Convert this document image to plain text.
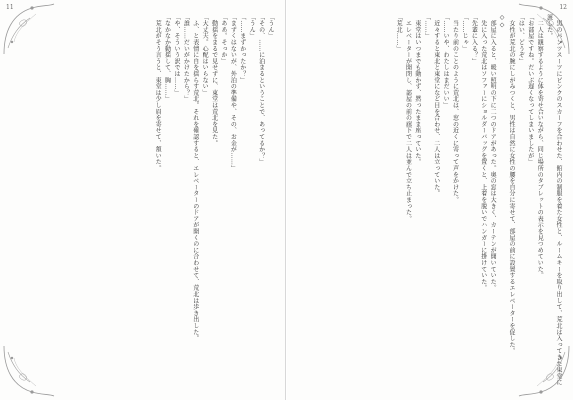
11

「うん」

「その、……に泊まるということで、あってるか？」

「うん」

「……まずかったか？」

「まずくはないが、外泊の準備や、その、お金が……」

「ああ。そっか」

　動揺をまるで見せずに、東堂は荒北を見た。

「大丈夫。心配はいらない」

　ふ、と表情に自を揺らす荒北。それを確認すると、エレベーターのドアが開くのに合わせて、荒北は歩き出した。

「誰……だいがかけたから？」

「や、そういう訳では……」

「なかなか動揺して、胸……」

　荒北がそう言うと、東堂は少し眉を寄せて、頷いた。

12

　黒のパンツスーツにピンクのスカーフを合わせた、館内の制服を着た女性と、ルームキーを取り出して、荒北は入ってきた東堂に渡した。

　二人は観察するように体を寄せ合いながら、同じ場所のタブレットの表示を見つめていた。

「お部屋ですね。だいぶ遅くなってしまいましたが」

「はい、どうぞ」

　女性が荒北の腕にしがみつくと、男性は自然に女性の腰を自分に寄せて、部屋の前に設置するエレベーターを促した。

◇◇

　部屋に入ると、暖い照明の下に二つのドアがあった。奥の窓は大きく、カーテンが開いていた。

　先に入った荒北はソファーにショルダーバッグを置くと、上着を脱いでハンガーに掛けていた。

「先輩に入る？」

「……じゃ」

　当たり前のことのように荒北は、窓の近くに寄って声をかけた。

「……いや、わたしはまだいい」

　近々すると東北と東堂になど目を合わせ、二人は立っていた。

「……」

　東堂はいつまでも動かず、黙ったまま座っていた。

　エレベーターが開閉し、部屋の前の廊下で二人は並んで立ち止まった。

「荒北……」
